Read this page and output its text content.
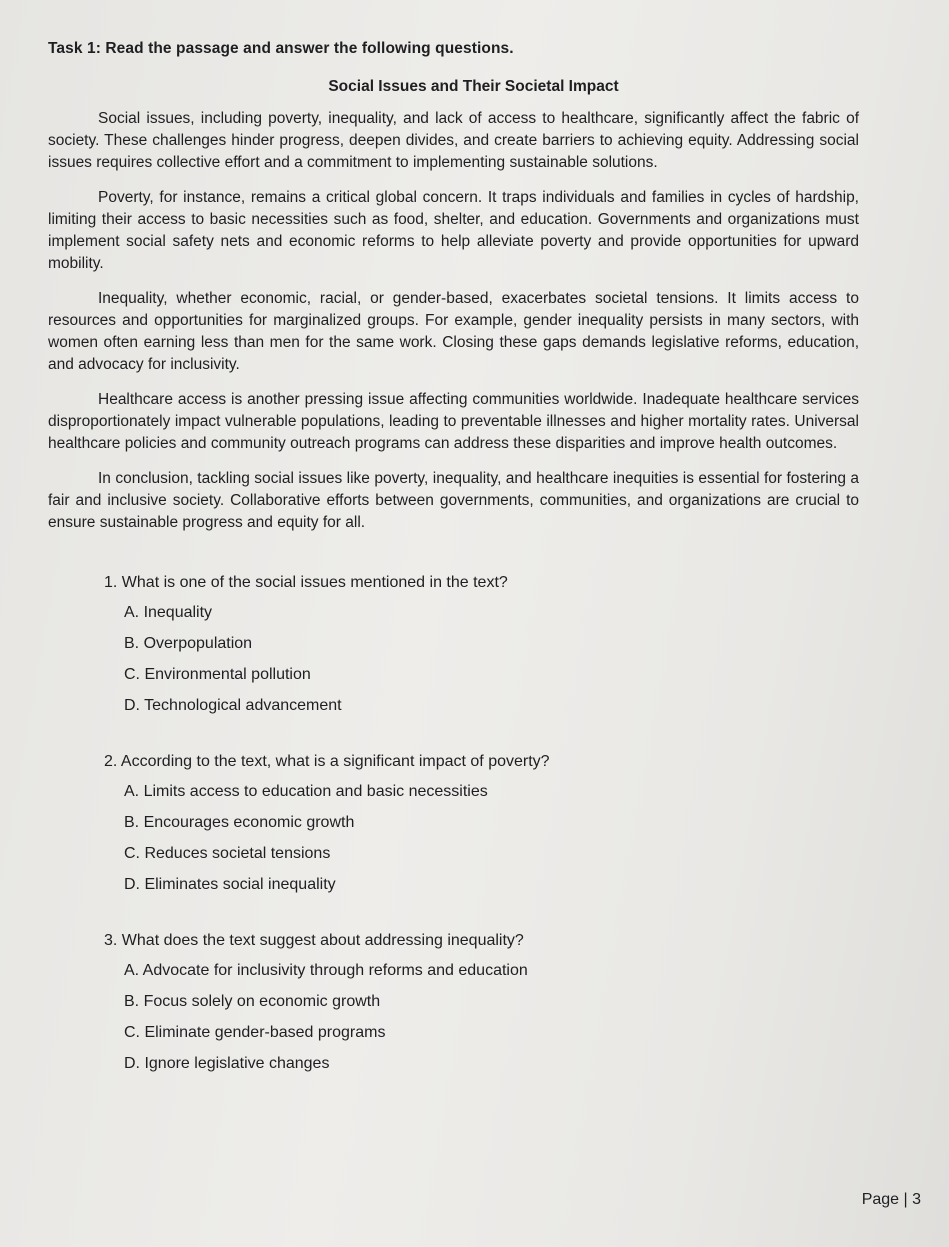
Task 1: Read the passage and answer the following questions.

Social Issues and Their Societal Impact

Social issues, including poverty, inequality, and lack of access to healthcare, significantly affect the fabric of society. These challenges hinder progress, deepen divides, and create barriers to achieving equity. Addressing social issues requires collective effort and a commitment to implementing sustainable solutions.

Poverty, for instance, remains a critical global concern. It traps individuals and families in cycles of hardship, limiting their access to basic necessities such as food, shelter, and education. Governments and organizations must implement social safety nets and economic reforms to help alleviate poverty and provide opportunities for upward mobility.

Inequality, whether economic, racial, or gender-based, exacerbates societal tensions. It limits access to resources and opportunities for marginalized groups. For example, gender inequality persists in many sectors, with women often earning less than men for the same work. Closing these gaps demands legislative reforms, education, and advocacy for inclusivity.

Healthcare access is another pressing issue affecting communities worldwide. Inadequate healthcare services disproportionately impact vulnerable populations, leading to preventable illnesses and higher mortality rates. Universal healthcare policies and community outreach programs can address these disparities and improve health outcomes.

In conclusion, tackling social issues like poverty, inequality, and healthcare inequities is essential for fostering a fair and inclusive society. Collaborative efforts between governments, communities, and organizations are crucial to ensure sustainable progress and equity for all.

1. What is one of the social issues mentioned in the text?

A. Inequality
B. Overpopulation
C. Environmental pollution
D. Technological advancement

2. According to the text, what is a significant impact of poverty?

A. Limits access to education and basic necessities
B. Encourages economic growth
C. Reduces societal tensions
D. Eliminates social inequality

3. What does the text suggest about addressing inequality?

A. Advocate for inclusivity through reforms and education
B. Focus solely on economic growth
C. Eliminate gender-based programs
D. Ignore legislative changes
Page | 3
